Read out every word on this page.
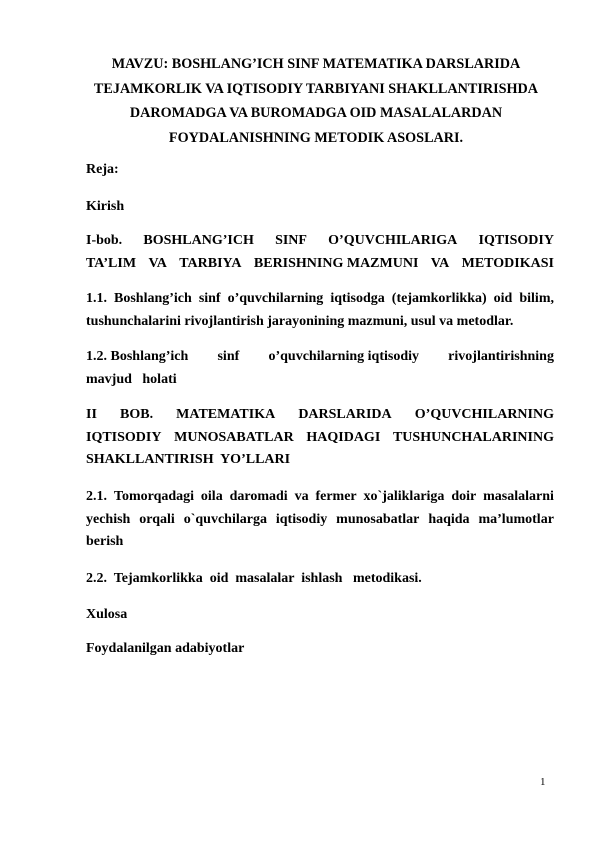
MAVZU: BOSHLANG’ICH SINF MATEMATIKA DARSLARIDA
TEJAMKORLIK VA IQTISODIY TARBIYANI SHAKLLANTIRISHDA
DAROMADGA VA BUROMADGA OID MASALALARDAN
FOYDALANISHNING METODIK ASOSLARI.
Reja:
Kirish
I-bob. BOSHLANG’ICH SINF O’QUVCHILARIGA IQTISODIY
TA’LIM VA TARBIYA BERISHNING MAZMUNI VA METODIKASI
1.1. Boshlang’ich sinf o’quvchilarning iqtisodga (tejamkorlikka) oid bilim,
tushunchalarini rivojlantirish jarayonining mazmuni, usul va metodlar.
1.2. Boshlang’ich sinf o’quvchilarning iqtisodiy rivojlantirishning
mavjud   holati
II BOB. MATEMATIKA DARSLARIDA O’QUVCHILARNING
IQTISODIY MUNOSABATLAR HAQIDAGI TUSHUNCHALARINING
SHAKLLANTIRISH  YO’LLARI
2.1. Tomorqadagi oila daromadi va fermer xo`jaliklariga doir masalalarni
yechish orqali o`quvchilarga iqtisodiy munosabatlar haqida ma’lumotlar
berish
2.2.  Tejamkorlikka  oid  masalalar  ishlash   metodikasi.
Xulosa
Foydalanilgan adabiyotlar
1
